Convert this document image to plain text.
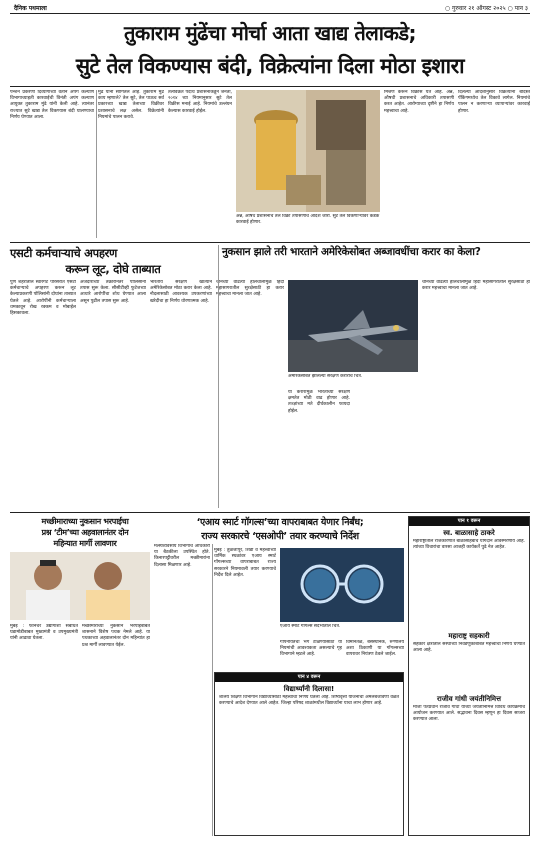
दैनिक पथमाला	○ गुरुवार २१ ऑगस्ट २०२५ ○ पान ३
तुकाराम मुंढेंचा मोर्चा आता खाद्य तेलाकडे;
सुटे तेल विकण्यास बंदी, विक्रेत्यांना दिला मोठा इशारा
पेन्शन प्रकरणी दिव्यांगांच्या वतीने अपंग कल्याण विभागाच्याहती कारवाईची विनंती अपंग कल्याण आयुक्त तुकाराम मुंढे यांनी केली आहे. त्यानंतर राज्यात सुटे खाद्य तेल विकण्यास बंदी घालण्याचा निर्णय घेण्यात आला.
मुंढे यांनी सांगितले आहे. तुकाराम मुंढे काय म्हणाले? तेल सुटे, तेल पाऊच सर्व प्रकारच्या खाद्य तेलाच्या विक्रीवर प्रशासनाचे लक्ष असेल. विक्रेत्यांनी नियमांचे पालन करावे.
तेलविक्रेते पदार्थ प्रशासनाकडून जनता, २०१४ च्या नियमानुसार सुटे तेल विक्रीस मनाई आहे. नियमांचे उल्लंघन केल्यास कारवाई होईल.
अन्न, औषध प्रशासनाचे तेल विक्री तपासणीचे आदेश जारी. सुटे तेल विकणाऱ्यांवर कडक कारवाई होणार.
मिश्रण करून विक्रीस येत आहे. अन्न, औषधी प्रशासनाचे अधिकारी तपासणी करत आहेत. आरोग्याच्या दृष्टीने हा निर्णय महत्त्वाचा आहे.
दिलेल्या आदेशानुसार विक्रेत्यांना बंदिस्त पॅकिंगमध्येच तेल विकावे लागेल. नियमांचे पालन न करणाऱ्या व्यापाऱ्यांवर कारवाई होणार.
एसटी कर्मचाऱ्याचे अपहरण
करून लूट, दोघे ताब्यात
पुणे शहरातील स्वारगेट परिसरात एसटी कर्मचाऱ्याचे अपहरण करून लूट केल्याप्रकरणी पोलिसांनी दोघांना ताब्यात घेतले आहे. आरोपींनी कर्मचाऱ्याला धमकावून रोख रक्कम व मोबाईल हिसकावला.
अर्जदारांच्या तक्रारीनंतर पोलिसांनी तपास सुरू केला. सीसीटीव्ही फुटेजच्या आधारे आरोपींचा शोध घेण्यात आला असून पुढील तपास सुरू आहे.
नुकसान झाले तरी भारताने अमेरिकेसोबत अब्जावधींचा करार का केला?
भारतीय संरक्षण खात्याने अमेरिकेसोबत मोठा करार केला आहे. नौदलासाठी आवश्यक उपकरणांच्या खरेदीचा हा निर्णय धोरणात्मक आहे.
चीनच्या वाढत्या हालचालींमुळे हिंदी महासागरातील सुरक्षेसाठी हा करार महत्त्वाचा मानला जात आहे.
अमेरिकेसोबत झालेल्या संरक्षण कराराचे चित्र.
या करारामुळे भारताच्या संरक्षण क्षमतेत मोठी वाढ होणार आहे. तज्ज्ञांच्या मते दीर्घकालीन फायदा होईल.
चीनच्या वाढत्या हालचालींमुळे हिंदी महासागरातील सुरक्षेसाठी हा करार महत्त्वाचा मानला जात आहे.
मच्छीमाराच्या नुकसान भरपाईचा
प्रश्न ‘टीम’च्या अहवालानंतर दोन
महिन्यात मार्गी लावणार
मुंबई : फर्निचर उद्योगाशी संबंधित घडामोडीबाबत मुख्यमंत्री व उपमुख्यमंत्री यांनी आढावा घेतला.
मच्छीमारांच्या नुकसान भरपाईबाबत शासनाने विशेष पथक नेमले आहे. या पथकाच्या अहवालानंतर दोन महिन्यांत हा प्रश्न मार्गी लावण्यात येईल.
मत्स्यव्यवसाय विभागाचे अधिकारी या बैठकीला उपस्थित होते. किनारपट्टीवरील मच्छीमारांना दिलासा मिळणार आहे.
‘एआय स्मार्ट गॉगल्स’च्या वापराबाबत येणार निर्बंध;
राज्य सरकारचे ‘एसओपी’ तयार करण्याचे निर्देश
मुंबई : तुळजापूर, शिर्डी व महत्त्वाच्या धार्मिक स्थळांवर एआय स्मार्ट गॉगल्सच्या वापराबाबत राज्य सरकारने नियमावली तयार करण्याचे निर्देश दिले आहेत.
एआय स्मार्ट गॉगल्स संदर्भातील चित्र.
गोपनीयतेचा भंग टाळण्यासाठी या नियमांची आवश्यकता असल्याचे गृह विभागाने म्हटले आहे.
विमानतळ, बसस्थानके, रुग्णालये अशा ठिकाणी या गॉगल्सच्या वापरावर नियंत्रण ठेवले जाईल.
पान ४ वरून
विद्यार्थ्यांनी दिलासा!
शालेय शिक्षण विभागाने विद्यार्थ्यांसाठी महत्त्वाचा निर्णय घेतला आहे. शिष्यवृत्ती योजनांची अंमलबजावणी वेळेत करण्याचे आदेश देण्यात आले आहेत. जिल्हा परिषद शाळांमधील विद्यार्थ्यांना याचा लाभ होणार आहे.
पान १ वरून
स्व. बाळासाहे ठाकरे
महाराष्ट्रातील राजकारणात बाळासाहेबांचे योगदान अविस्मरणीय आहे. त्यांच्या विचारांचा वारसा आजही कार्यकर्ते पुढे नेत आहेत.
महाराष्ट्र सहकारी
सहकार क्षेत्रातील संस्थांच्या निवडणुकांबाबत महत्त्वाचा निर्णय घेण्यात आला आहे.
राजीव गांधी जयंतीनिमित्त
माजी पंतप्रधान राजीव गांधी यांच्या जयंतीनिमित्त विविध कार्यक्रमांचे आयोजन करण्यात आले. सद्भावना दिवस म्हणून हा दिवस साजरा करण्यात आला.
